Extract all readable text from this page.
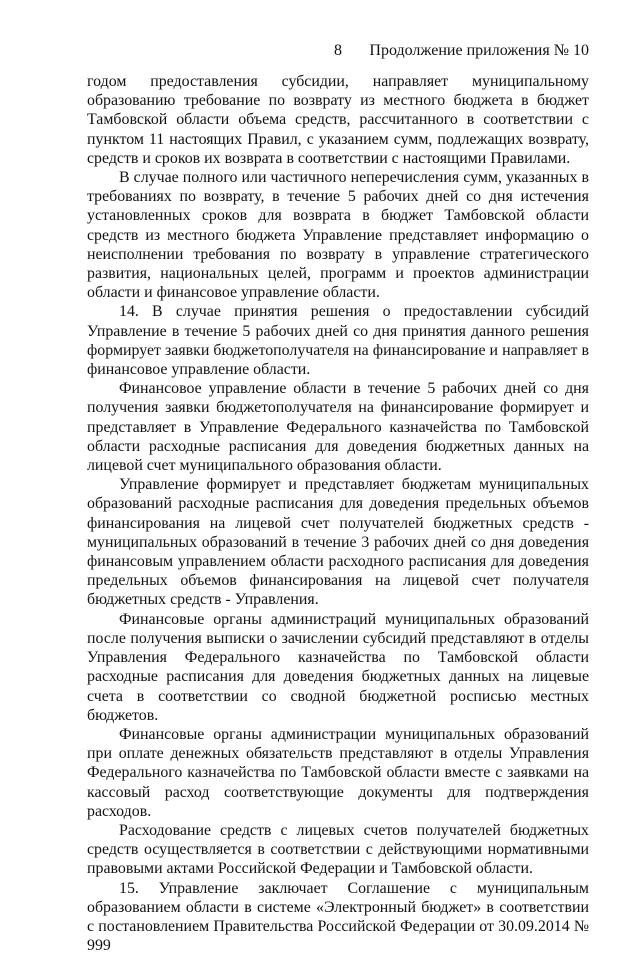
8 Продолжение приложения № 10

годом предоставления субсидии, направляет муниципальному образованию требование по возврату из местного бюджета в бюджет Тамбовской области объема средств, рассчитанного в соответствии с пунктом 11 настоящих Правил, с указанием сумм, подлежащих возврату, средств и сроков их возврата в соответствии с настоящими Правилами.

В случае полного или частичного неперечисления сумм, указанных в требованиях по возврату, в течение 5 рабочих дней со дня истечения установленных сроков для возврата в бюджет Тамбовской области средств из местного бюджета Управление представляет информацию о неисполнении требования по возврату в управление стратегического развития, национальных целей, программ и проектов администрации области и финансовое управление области.

14. В случае принятия решения о предоставлении субсидий Управление в течение 5 рабочих дней со дня принятия данного решения формирует заявки бюджетополучателя на финансирование и направляет в финансовое управление области.

Финансовое управление области в течение 5 рабочих дней со дня получения заявки бюджетополучателя на финансирование формирует и представляет в Управление Федерального казначейства по Тамбовской области расходные расписания для доведения бюджетных данных на лицевой счет муниципального образования области.

Управление формирует и представляет бюджетам муниципальных образований расходные расписания для доведения предельных объемов финансирования на лицевой счет получателей бюджетных средств - муниципальных образований в течение 3 рабочих дней со дня доведения финансовым управлением области расходного расписания для доведения предельных объемов финансирования на лицевой счет получателя бюджетных средств - Управления.

Финансовые органы администраций муниципальных образований после получения выписки о зачислении субсидий представляют в отделы Управления Федерального казначейства по Тамбовской области расходные расписания для доведения бюджетных данных на лицевые счета в соответствии со сводной бюджетной росписью местных бюджетов.

Финансовые органы администрации муниципальных образований при оплате денежных обязательств представляют в отделы Управления Федерального казначейства по Тамбовской области вместе с заявками на кассовый расход соответствующие документы для подтверждения расходов.

Расходование средств с лицевых счетов получателей бюджетных средств осуществляется в соответствии с действующими нормативными правовыми актами Российской Федерации и Тамбовской области.

15. Управление заключает Соглашение с муниципальным образованием области в системе «Электронный бюджет» в соответствии с постановлением Правительства Российской Федерации от 30.09.2014 № 999
